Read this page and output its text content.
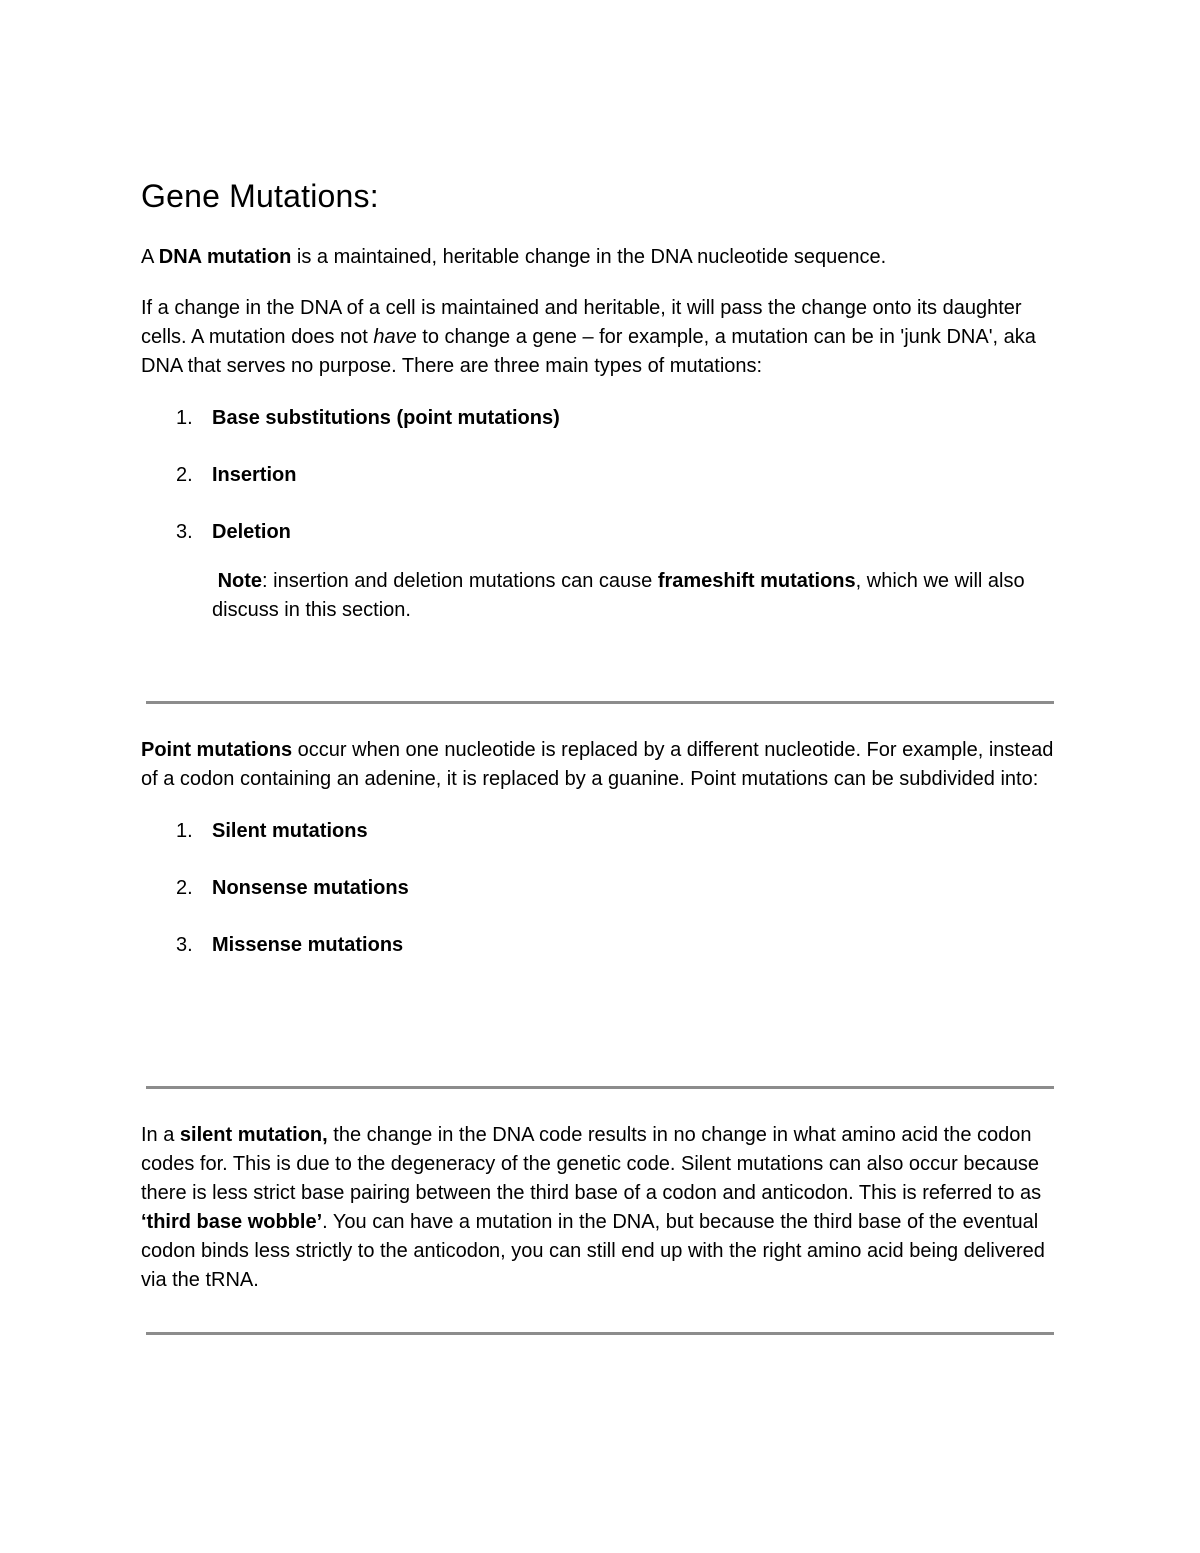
Gene Mutations:

A DNA mutation is a maintained, heritable change in the DNA nucleotide sequence.

If a change in the DNA of a cell is maintained and heritable, it will pass the change onto its daughter cells. A mutation does not have to change a gene – for example, a mutation can be in 'junk DNA', aka DNA that serves no purpose. There are three main types of mutations:

1. Base substitutions (point mutations)
2. Insertion
3. Deletion

Note: insertion and deletion mutations can cause frameshift mutations, which we will also discuss in this section.

Point mutations occur when one nucleotide is replaced by a different nucleotide. For example, instead of a codon containing an adenine, it is replaced by a guanine. Point mutations can be subdivided into:

1. Silent mutations
2. Nonsense mutations
3. Missense mutations

In a silent mutation, the change in the DNA code results in no change in what amino acid the codon codes for. This is due to the degeneracy of the genetic code. Silent mutations can also occur because there is less strict base pairing between the third base of a codon and anticodon. This is referred to as ‘third base wobble’. You can have a mutation in the DNA, but because the third base of the eventual codon binds less strictly to the anticodon, you can still end up with the right amino acid being delivered via the tRNA.
